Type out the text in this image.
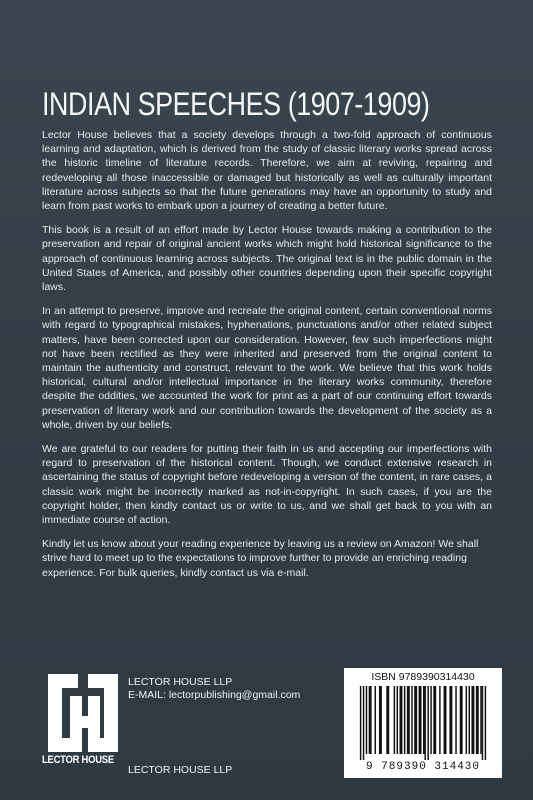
INDIAN SPEECHES (1907-1909)

Lector House believes that a society develops through a two-fold approach of continuous learning and adaptation, which is derived from the study of classic literary works spread across the historic timeline of literature records. Therefore, we aim at reviving, repairing and redeveloping all those inaccessible or damaged but historically as well as culturally important literature across subjects so that the future generations may have an opportunity to study and learn from past works to embark upon a journey of creating a better future.

This book is a result of an effort made by Lector House towards making a contribution to the preservation and repair of original ancient works which might hold historical significance to the approach of continuous learning across subjects. The original text is in the public domain in the United States of America, and possibly other countries depending upon their specific copyright laws.

In an attempt to preserve, improve and recreate the original content, certain conventional norms with regard to typographical mistakes, hyphenations, punctuations and/or other related subject matters, have been corrected upon our consideration. However, few such imperfections might not have been rectified as they were inherited and preserved from the original content to maintain the authenticity and construct, relevant to the work. We believe that this work holds historical, cultural and/or intellectual importance in the literary works community, therefore despite the oddities, we accounted the work for print as a part of our continuing effort towards preservation of literary work and our contribution towards the development of the society as a whole, driven by our beliefs.

We are grateful to our readers for putting their faith in us and accepting our imperfections with regard to preservation of the historical content. Though, we conduct extensive research in ascertaining the status of copyright before redeveloping a version of the content, in rare cases, a classic work might be incorrectly marked as not-in-copyright. In such cases, if you are the copyright holder, then kindly contact us or write to us, and we shall get back to you with an immediate course of action.

Kindly let us know about your reading experience by leaving us a review on Amazon! We shall strive hard to meet up to the expectations to improve further to provide an enriching reading experience. For bulk queries, kindly contact us via e-mail.

LECTOR HOUSE
LECTOR HOUSE LLP
E-MAIL: lectorpublishing@gmail.com
LECTOR HOUSE LLP
ISBN 9789390314430
9 789390 314430
